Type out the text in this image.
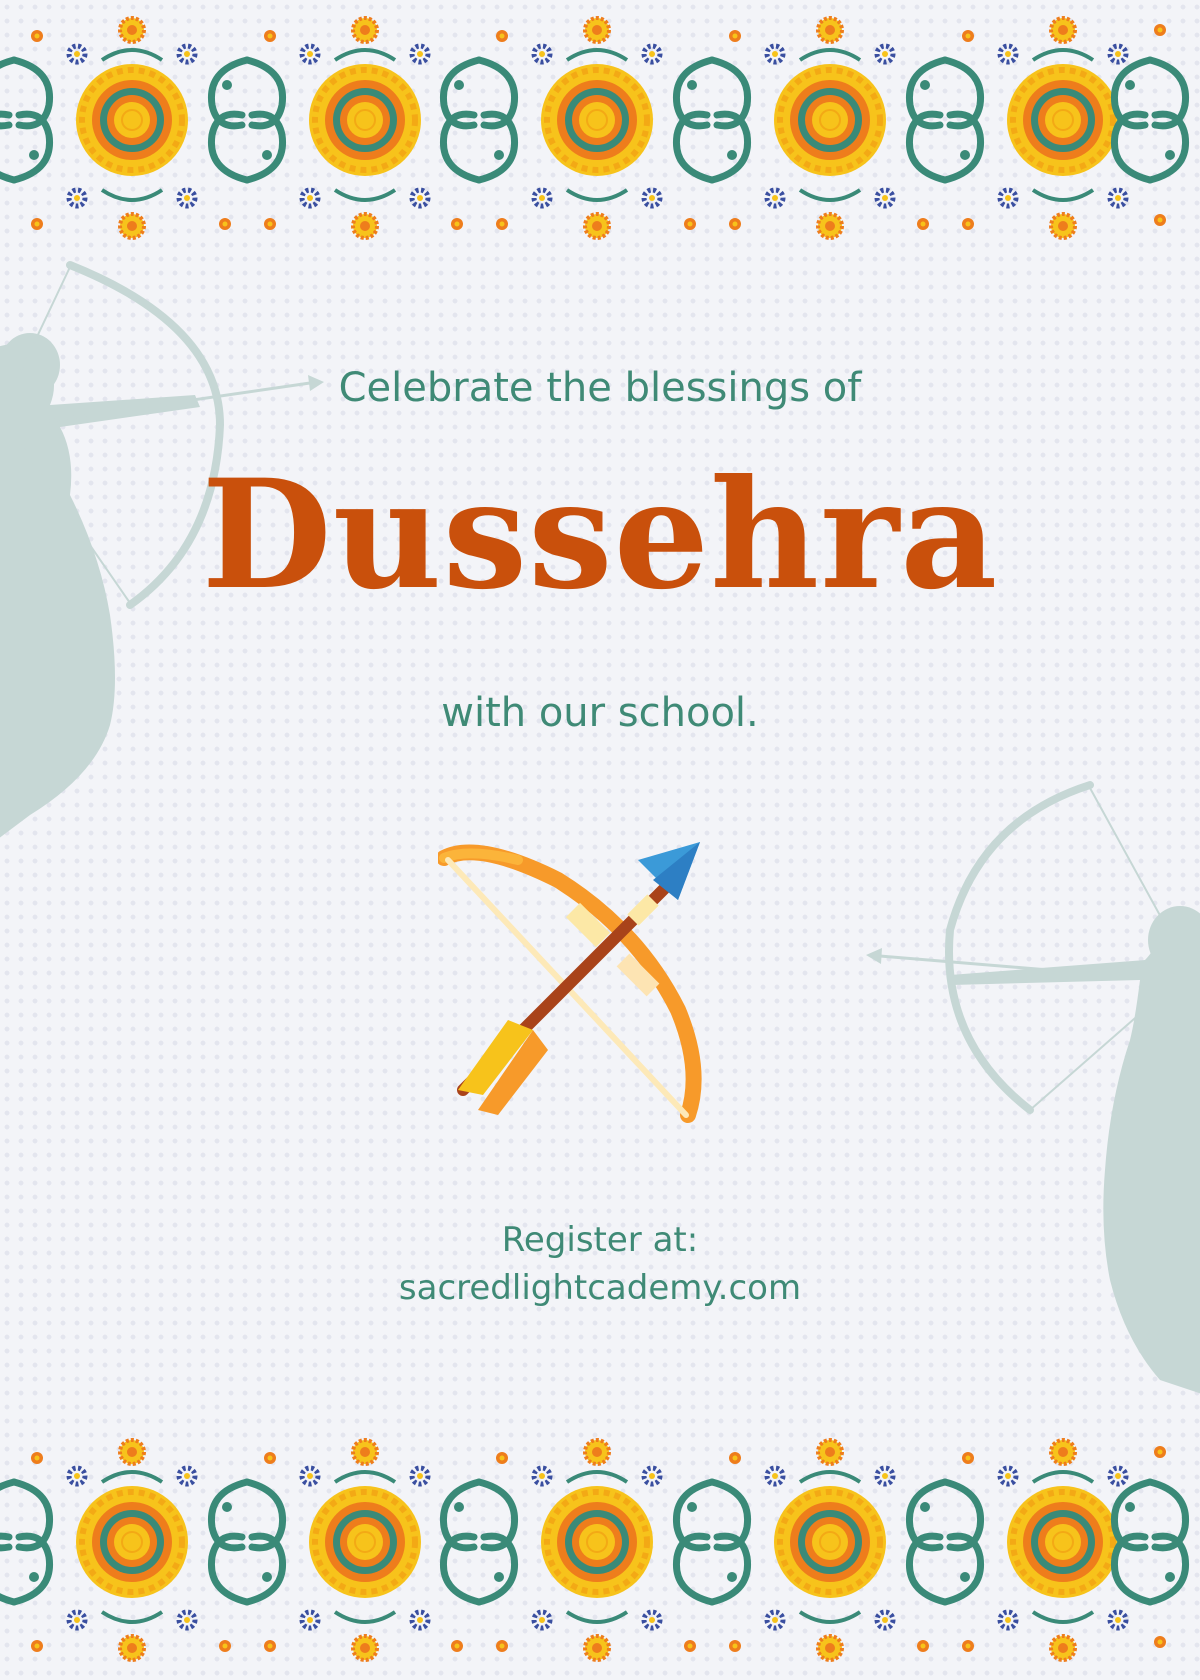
Celebrate the blessings of
Dussehra
with our school.
Register at:
sacredlightcademy.com
